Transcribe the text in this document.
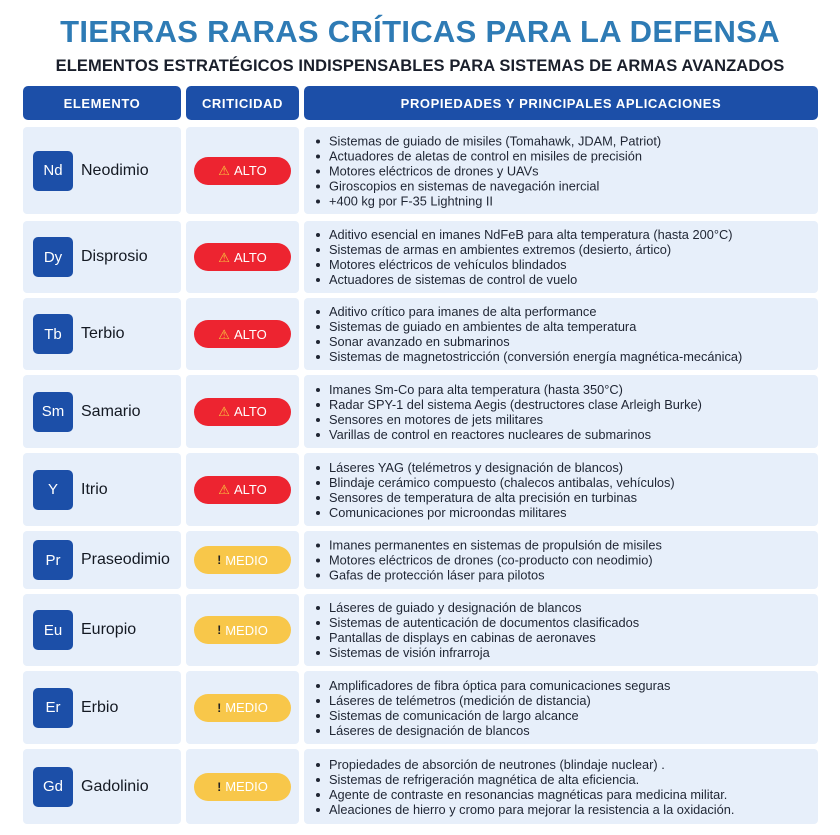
TIERRAS RARAS CRÍTICAS PARA LA DEFENSA
ELEMENTOS ESTRATÉGICOS INDISPENSABLES PARA SISTEMAS DE ARMAS AVANZADOS
ELEMENTO	CRITICIDAD	PROPIEDADES Y PRINCIPALES APLICACIONES
Nd	Neodimio	⚠ ALTO
Sistemas de guiado de misiles (Tomahawk, JDAM, Patriot)
Actuadores de aletas de control en misiles de precisión
Motores eléctricos de drones y UAVs
Giroscopios en sistemas de navegación inercial
+400 kg por F-35 Lightning II
Dy	Disprosio	⚠ ALTO
Aditivo esencial en imanes NdFeB para alta temperatura (hasta 200°C)
Sistemas de armas en ambientes extremos (desierto, ártico)
Motores eléctricos de vehículos blindados
Actuadores de sistemas de control de vuelo
Tb	Terbio	⚠ ALTO
Aditivo crítico para imanes de alta performance
Sistemas de guiado en ambientes de alta temperatura
Sonar avanzado en submarinos
Sistemas de magnetostricción (conversión energía magnética-mecánica)
Sm	Samario	⚠ ALTO
Imanes Sm-Co para alta temperatura (hasta 350°C)
Radar SPY-1 del sistema Aegis (destructores clase Arleigh Burke)
Sensores en motores de jets militares
Varillas de control en reactores nucleares de submarinos
Y	Itrio	⚠ ALTO
Láseres YAG (telémetros y designación de blancos)
Blindaje cerámico compuesto (chalecos antibalas, vehículos)
Sensores de temperatura de alta precisión en turbinas
Comunicaciones por microondas militares
Pr	Praseodimio	! MEDIO
Imanes permanentes en sistemas de propulsión de misiles
Motores eléctricos de drones (co-producto con neodimio)
Gafas de protección láser para pilotos
Eu	Europio	! MEDIO
Láseres de guiado y designación de blancos
Sistemas de autenticación de documentos clasificados
Pantallas de displays en cabinas de aeronaves
Sistemas de visión infrarroja
Er	Erbio	! MEDIO
Amplificadores de fibra óptica para comunicaciones seguras
Láseres de telémetros (medición de distancia)
Sistemas de comunicación de largo alcance
Láseres de designación de blancos
Gd	Gadolinio	! MEDIO
Propiedades de absorción de neutrones (blindaje nuclear) .
Sistemas de refrigeración magnética de alta eficiencia.
Agente de contraste en resonancias magnéticas para medicina militar.
Aleaciones de hierro y cromo para mejorar la resistencia a la oxidación.
